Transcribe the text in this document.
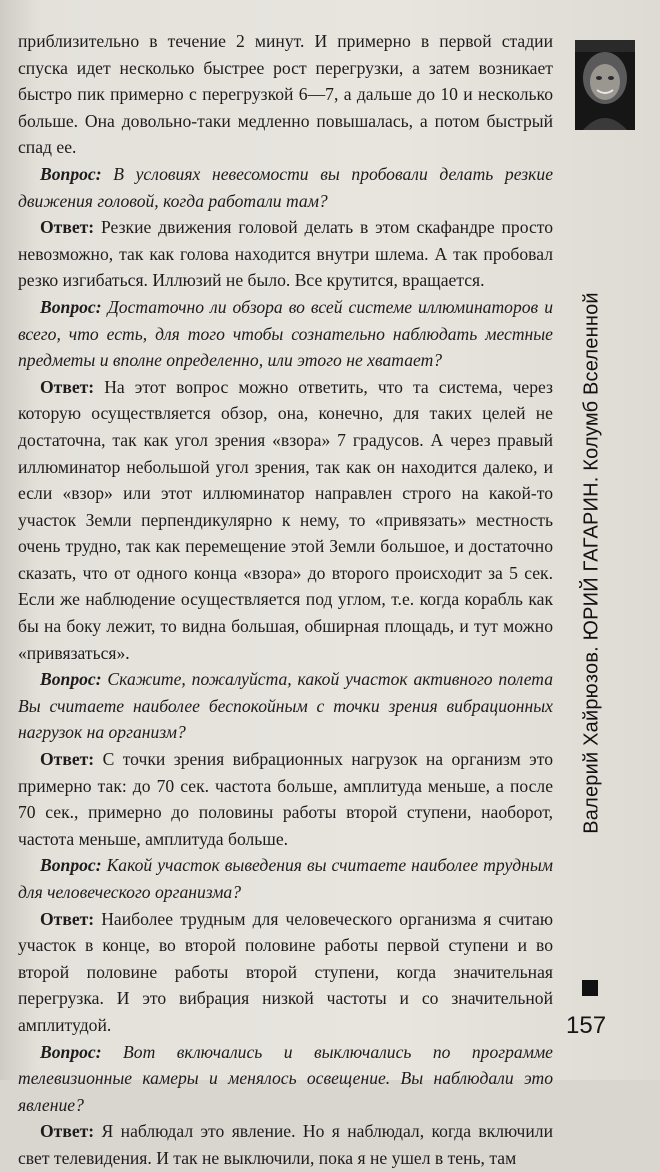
приблизительно в течение 2 минут. И примерно в первой стадии спуска идет несколько быстрее рост перегрузки, а затем возникает быстро пик примерно с перегрузкой 6—7, а дальше до 10 и несколько больше. Она довольно-таки медленно повышалась, а потом быстрый спад ее.

Вопрос: В условиях невесомости вы пробовали делать резкие движения головой, когда работали там?

Ответ: Резкие движения головой делать в этом скафандре просто невозможно, так как голова находится внутри шлема. А так пробовал резко изгибаться. Иллюзий не было. Все крутится, вращается.

Вопрос: Достаточно ли обзора во всей системе иллюминаторов и всего, что есть, для того чтобы сознательно наблюдать местные предметы и вполне определенно, или этого не хватает?

Ответ: На этот вопрос можно ответить, что та система, через которую осуществляется обзор, она, конечно, для таких целей не достаточна, так как угол зрения «взора» 7 градусов. А через правый иллюминатор небольшой угол зрения, так как он находится далеко, и если «взор» или этот иллюминатор направлен строго на какой-то участок Земли перпендикулярно к нему, то «привязать» местность очень трудно, так как перемещение этой Земли большое, и достаточно сказать, что от одного конца «взора» до второго происходит за 5 сек. Если же наблюдение осуществляется под углом, т.е. когда корабль как бы на боку лежит, то видна большая, обширная площадь, и тут можно «привязаться».

Вопрос: Скажите, пожалуйста, какой участок активного полета Вы считаете наиболее беспокойным с точки зрения вибрационных нагрузок на организм?

Ответ: С точки зрения вибрационных нагрузок на организм это примерно так: до 70 сек. частота больше, амплитуда меньше, а после 70 сек., примерно до половины работы второй ступени, наоборот, частота меньше, амплитуда больше.

Вопрос: Какой участок выведения вы считаете наиболее трудным для человеческого организма?

Ответ: Наиболее трудным для человеческого организма я считаю участок в конце, во второй половине работы первой ступени и во второй половине работы второй ступени, когда значительная перегрузка. И это вибрация низкой частоты и со значительной амплитудой.

Вопрос: Вот включались и выключались по программе телевизионные камеры и менялось освещение. Вы наблюдали это явление?

Ответ: Я наблюдал это явление. Но я наблюдал, когда включили свет телевидения. И так не выключили, пока я не ушел в тень, там

Валерий Хайрюзов. ЮРИЙ ГАГАРИН. Колумб Вселенной
157
